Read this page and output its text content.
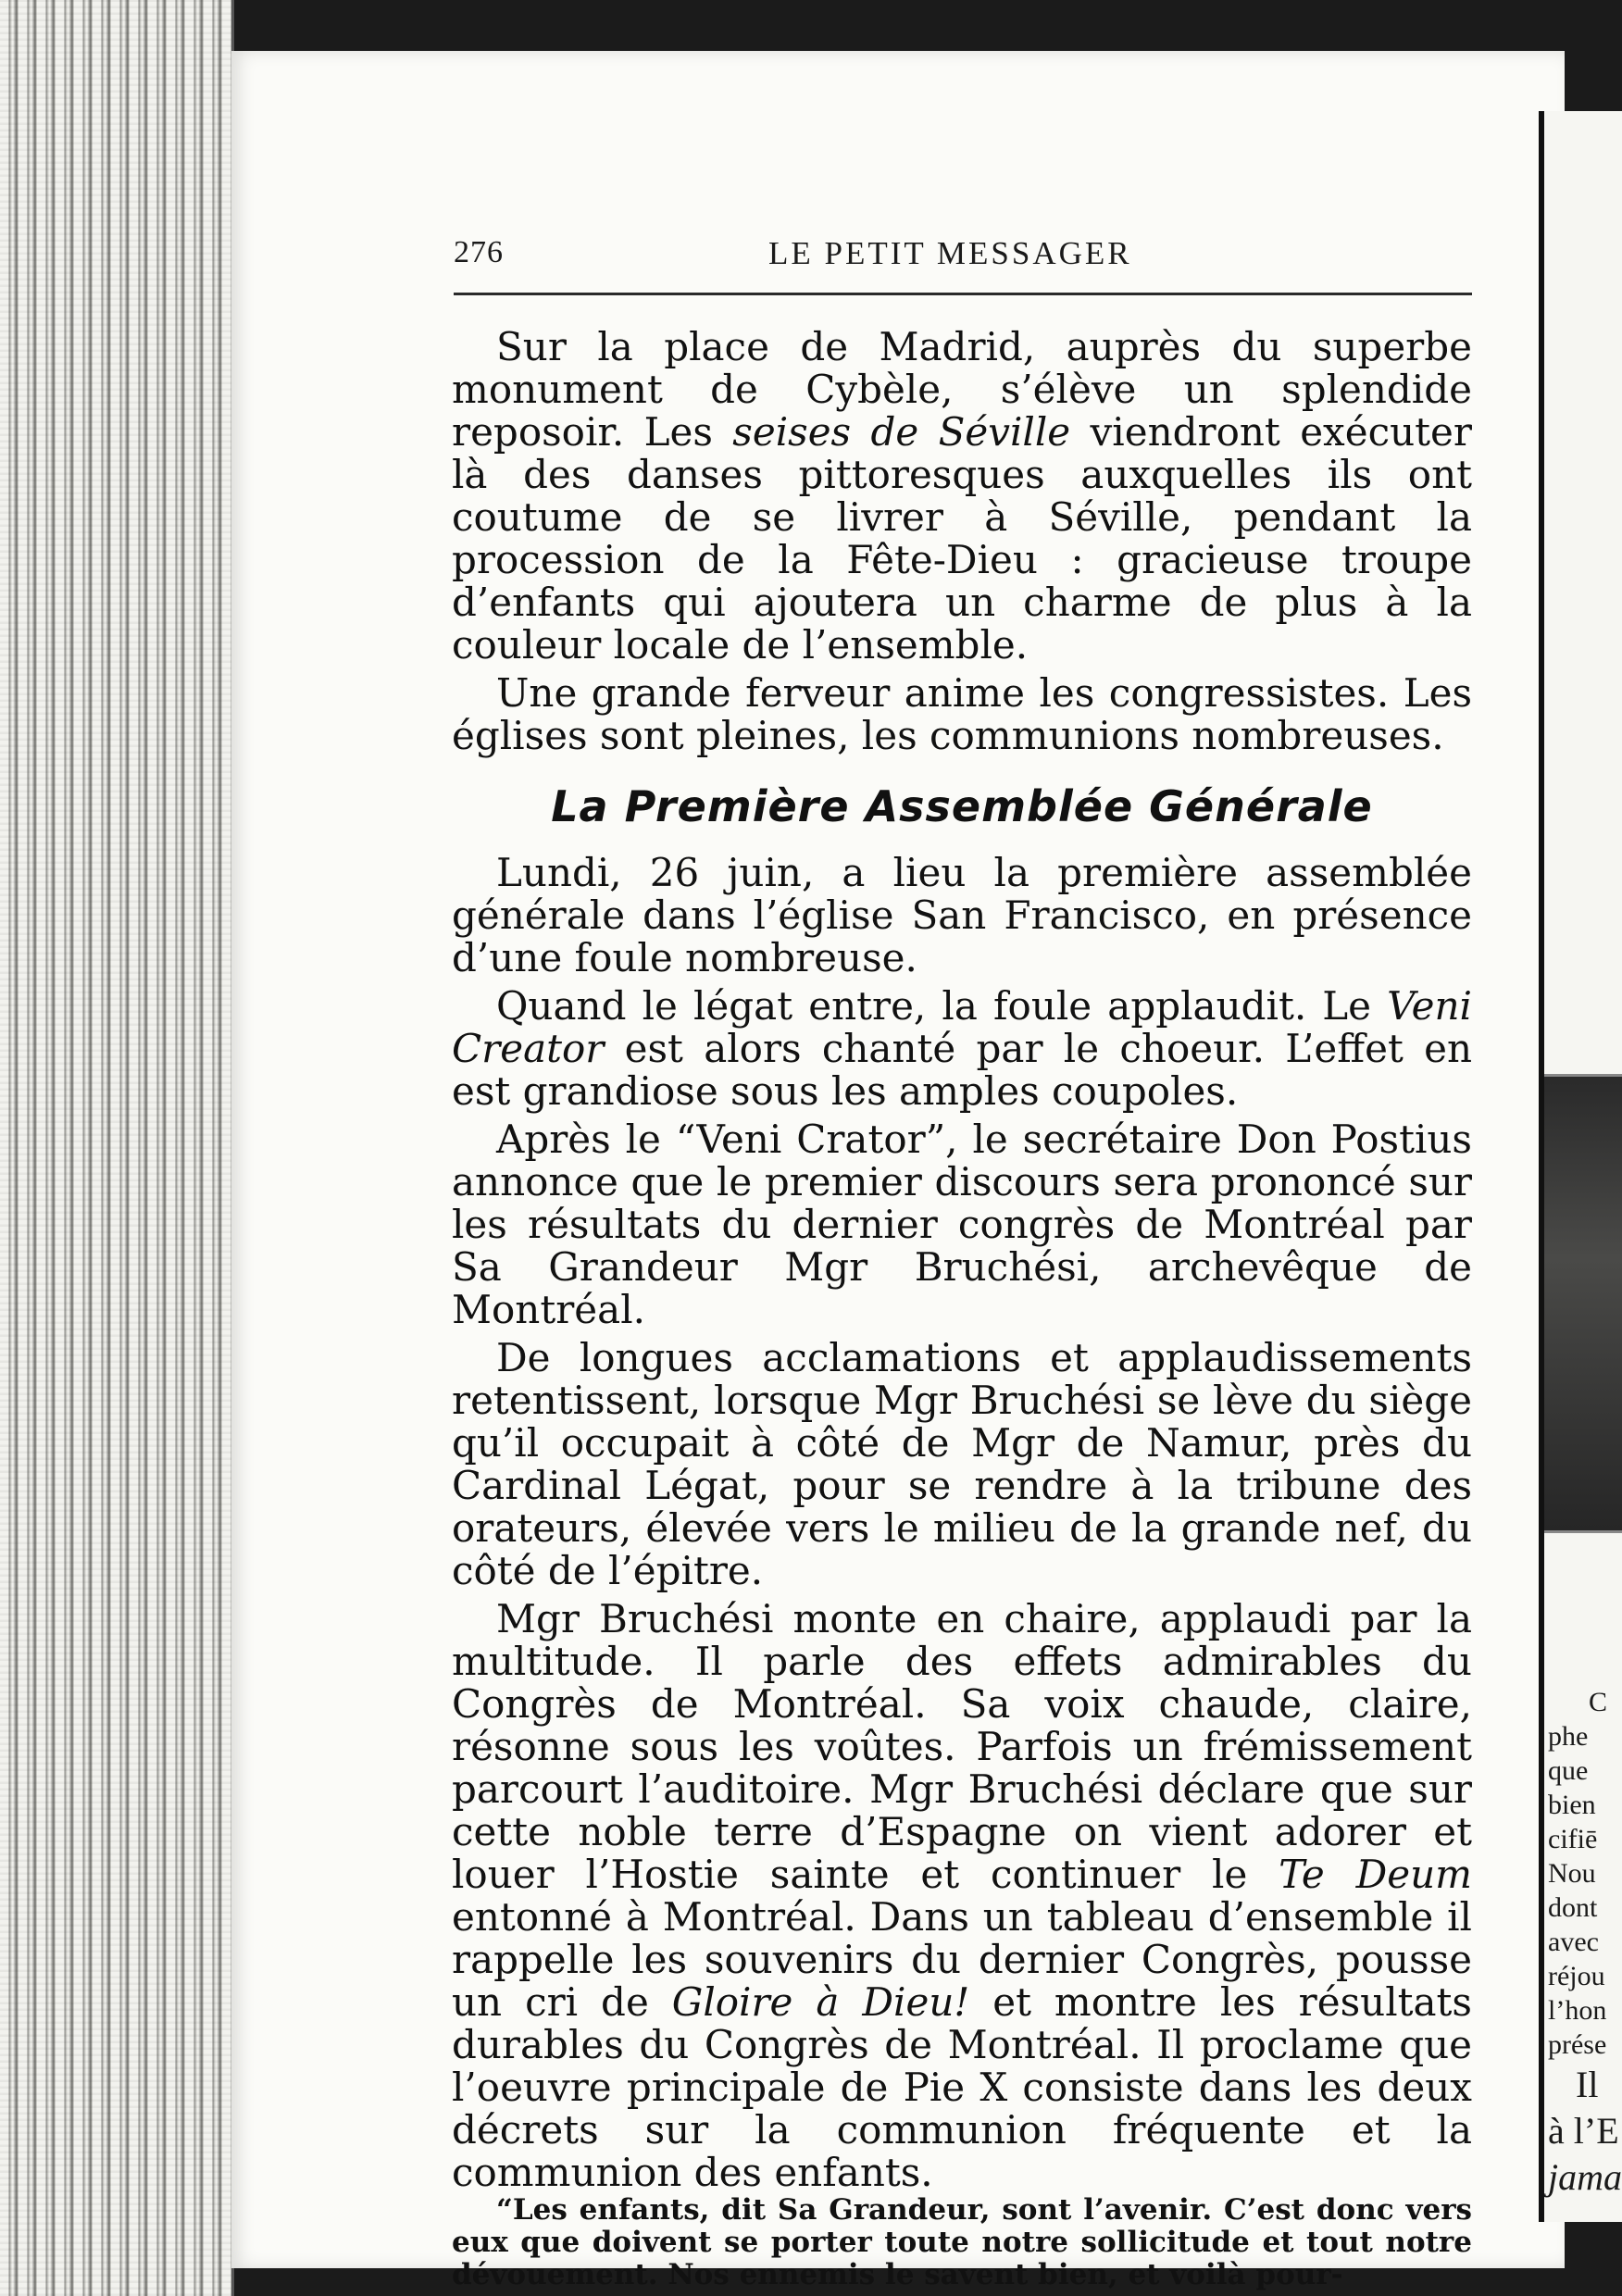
C
phe
que
bien
cifiē
Nou
dont
avec
réjou
l’hon
prése
Il
à l’E
jama
276	LE PETIT MESSAGER

Sur la place de Madrid, auprès du superbe monument de Cybèle, s’élève un splendide reposoir. Les seises de Séville viendront exécuter là des danses pittoresques auxquelles ils ont coutume de se livrer à Séville, pendant la procession de la Fête-Dieu : gracieuse troupe d’enfants qui ajoutera un charme de plus à la couleur locale de l’ensemble.

Une grande ferveur anime les congressistes. Les églises sont pleines, les communions nombreuses.

La Première Assemblée Générale

Lundi, 26 juin, a lieu la première assemblée générale dans l’église San Francisco, en présence d’une foule nombreuse.

Quand le légat entre, la foule applaudit. Le Veni Creator est alors chanté par le choeur. L’effet en est grandiose sous les amples coupoles.

Après le “Veni Crator”, le secrétaire Don Postius annonce que le premier discours sera prononcé sur les résultats du dernier congrès de Montréal par Sa Grandeur Mgr Bruchési, archevêque de Montréal.

De longues acclamations et applaudissements retentissent, lorsque Mgr Bruchési se lève du siège qu’il occupait à côté de Mgr de Namur, près du Cardinal Légat, pour se rendre à la tribune des orateurs, élevée vers le milieu de la grande nef, du côté de l’épitre.

Mgr Bruchési monte en chaire, applaudi par la multitude. Il parle des effets admirables du Congrès de Montréal. Sa voix chaude, claire, résonne sous les voûtes. Parfois un frémissement parcourt l’auditoire. Mgr Bruchési déclare que sur cette noble terre d’Espagne on vient adorer et louer l’Hostie sainte et continuer le Te Deum entonné à Montréal. Dans un tableau d’ensemble il rappelle les souvenirs du dernier Congrès, pousse un cri de Gloire à Dieu! et montre les résultats durables du Congrès de Montréal. Il proclame que l’oeuvre principale de Pie X consiste dans les deux décrets sur la communion fréquente et la communion des enfants.

“Les enfants, dit Sa Grandeur, sont l’avenir. C’est donc vers eux que doivent se porter toute notre sollicitude et tout notre dévouement. Nos ennemis le savent bien, et voilà pour-
